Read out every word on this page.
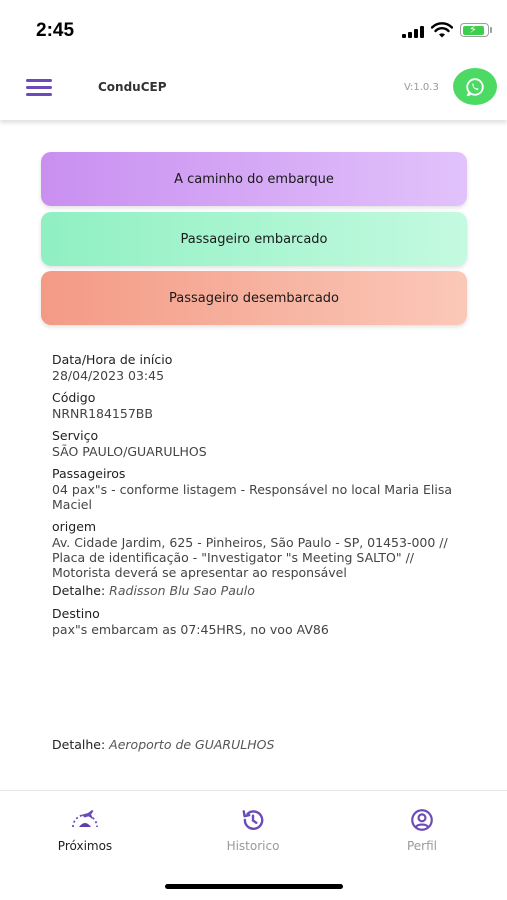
2:45	⚡
ConduCEP	V:1.0.3
A caminho do embarque
Passageiro embarcado
Passageiro desembarcado
Data/Hora de início
28/04/2023 03:45
Código
NRNR184157BB
Serviço
SÃO PAULO/GUARULHOS
Passageiros
04 pax"s - conforme listagem - Responsável no local Maria Elisa Maciel
origem
Av. Cidade Jardim, 625 - Pinheiros, São Paulo - SP, 01453-000 // Placa de identificação - "Investigator "s Meeting SALTO" // Motorista deverá se apresentar ao responsável
Detalhe: Radisson Blu Sao Paulo
Destino
pax"s embarcam as 07:45HRS, no voo AV86
Detalhe: Aeroporto de GUARULHOS
Próximos	Historico	Perfil
